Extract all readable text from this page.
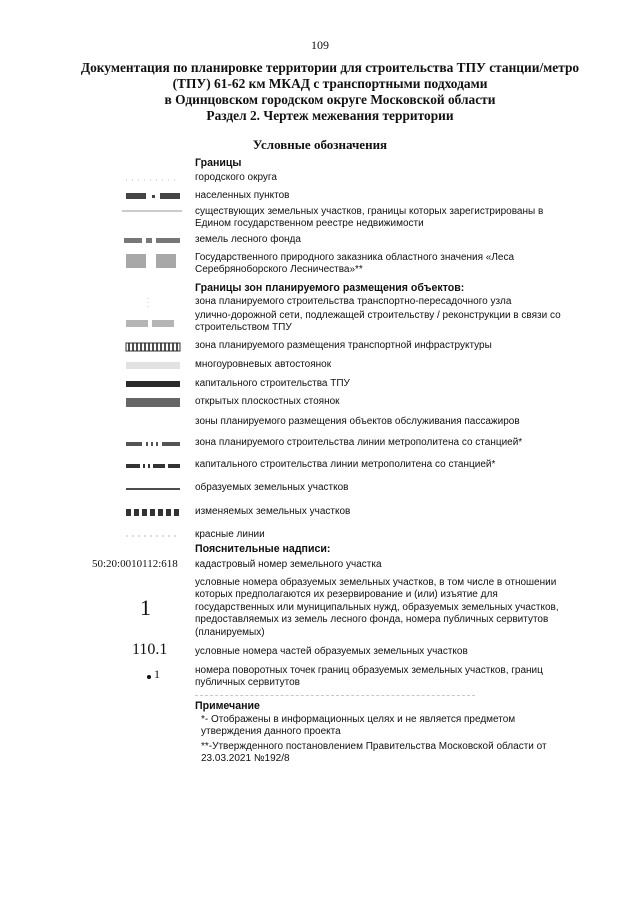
109
Документация по планировке территории для строительства ТПУ станции/метро
(ТПУ) 61-62 км МКАД с транспортными подходами
в Одинцовском городском округе Московской области
Раздел 2. Чертеж межевания территории
Условные обозначения
Границы
городского округа
населенных пунктов
существующих земельных участков, границы которых зарегистрированы в Едином государственном реестре недвижимости
земель лесного фонда
Государственного природного заказника областного значения «Леса Серебряноборского Лесничества»**
Границы зон планируемого размещения объектов:
зона планируемого строительства транспортно-пересадочного узла
улично-дорожной сети, подлежащей строительству / реконструкции в связи со строительством ТПУ
зона планируемого размещения транспортной инфраструктуры
многоуровневых автостоянок
капитального строительства ТПУ
открытых плоскостных стоянок
зоны планируемого размещения объектов обслуживания пассажиров
зона планируемого строительства линии метрополитена со станцией*
капитального строительства линии метрополитена со станцией*
образуемых земельных участков
изменяемых земельных участков
красные линии
Пояснительные надписи:
50:20:0010112:618 кадастровый номер земельного участка
1
условные номера образуемых земельных участков, в том числе в отношении которых предполагаются их резервирование и (или) изъятие для государственных или муниципальных нужд, образуемых земельных участков, предоставляемых из земель лесного фонда, номера публичных сервитутов (планируемых)
110.1	условные номера частей образуемых земельных участков
1	номера поворотных точек границ образуемых земельных участков, границ публичных сервитутов
Примечание
*- Отображены в информационных целях и не является предметом утверждения данного проекта
**-Утвержденного постановлением Правительства Московской области от 23.03.2021 №192/8
